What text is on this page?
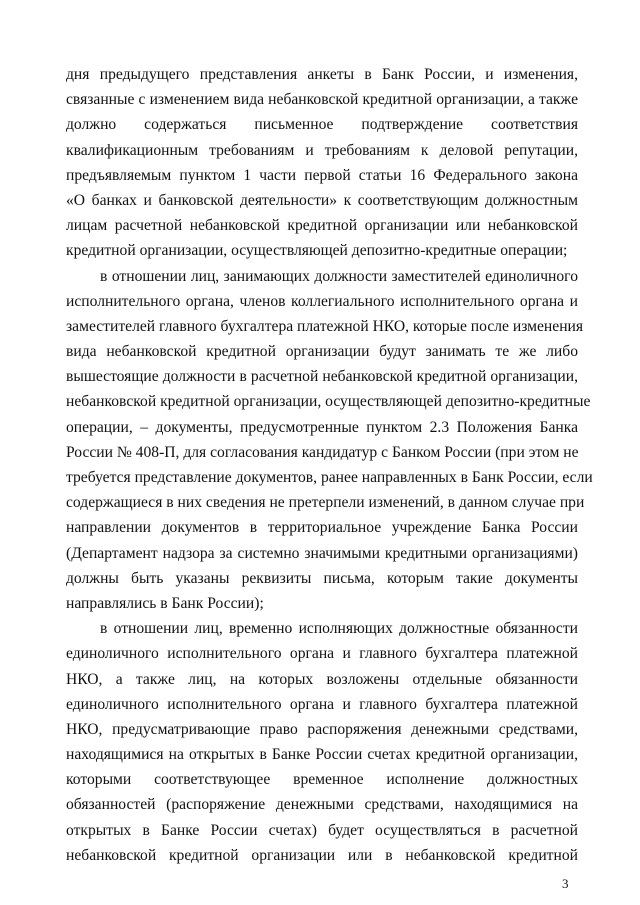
дня предыдущего представления анкеты в Банк России, и изменения,
связанные с изменением вида небанковской кредитной организации, а также
должно содержаться письменное подтверждение соответствия
квалификационным требованиям и требованиям к деловой репутации,
предъявляемым пунктом 1 части первой статьи 16 Федерального закона
«О банках и банковской деятельности» к соответствующим должностным
лицам расчетной небанковской кредитной организации или небанковской
кредитной организации, осуществляющей депозитно-кредитные операции;
в отношении лиц, занимающих должности заместителей единоличного
исполнительного органа, членов коллегиального исполнительного органа и
заместителей главного бухгалтера платежной НКО, которые после изменения
вида небанковской кредитной организации будут занимать те же либо
вышестоящие должности в расчетной небанковской кредитной организации,
небанковской кредитной организации, осуществляющей депозитно-кредитные
операции, – документы, предусмотренные пунктом 2.3 Положения Банка
России № 408-П, для согласования кандидатур с Банком России (при этом не
требуется представление документов, ранее направленных в Банк России, если
содержащиеся в них сведения не претерпели изменений, в данном случае при
направлении документов в территориальное учреждение Банка России
(Департамент надзора за системно значимыми кредитными организациями)
должны быть указаны реквизиты письма, которым такие документы
направлялись в Банк России);
в отношении лиц, временно исполняющих должностные обязанности
единоличного исполнительного органа и главного бухгалтера платежной
НКО, а также лиц, на которых возложены отдельные обязанности
единоличного исполнительного органа и главного бухгалтера платежной
НКО, предусматривающие право распоряжения денежными средствами,
находящимися на открытых в Банке России счетах кредитной организации,
которыми соответствующее временное исполнение должностных
обязанностей (распоряжение денежными средствами, находящимися на
открытых в Банке России счетах) будет осуществляться в расчетной
небанковской кредитной организации или в небанковской кредитной
3
